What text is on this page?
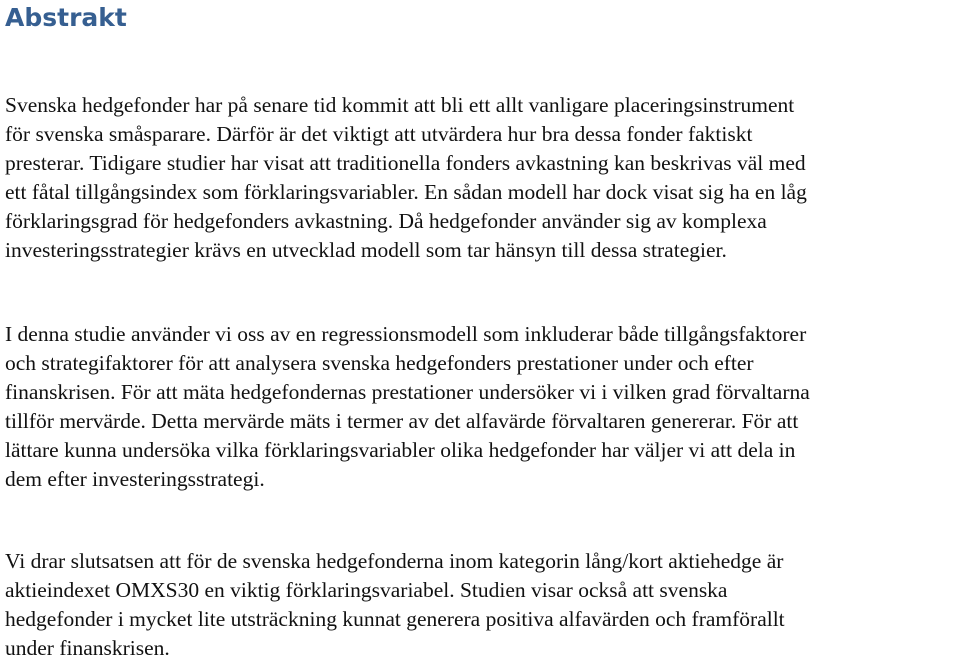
Abstrakt

Svenska hedgefonder har på senare tid kommit att bli ett allt vanligare placeringsinstrument
för svenska småsparare. Därför är det viktigt att utvärdera hur bra dessa fonder faktiskt
presterar. Tidigare studier har visat att traditionella fonders avkastning kan beskrivas väl med
ett fåtal tillgångsindex som förklaringsvariabler. En sådan modell har dock visat sig ha en låg
förklaringsgrad för hedgefonders avkastning. Då hedgefonder använder sig av komplexa
investeringsstrategier krävs en utvecklad modell som tar hänsyn till dessa strategier.

I denna studie använder vi oss av en regressionsmodell som inkluderar både tillgångsfaktorer
och strategifaktorer för att analysera svenska hedgefonders prestationer under och efter
finanskrisen. För att mäta hedgefondernas prestationer undersöker vi i vilken grad förvaltarna
tillför mervärde. Detta mervärde mäts i termer av det alfavärde förvaltaren genererar. För att
lättare kunna undersöka vilka förklaringsvariabler olika hedgefonder har väljer vi att dela in
dem efter investeringsstrategi.

Vi drar slutsatsen att för de svenska hedgefonderna inom kategorin lång/kort aktiehedge är
aktieindexet OMXS30 en viktig förklaringsvariabel. Studien visar också att svenska
hedgefonder i mycket lite utsträckning kunnat generera positiva alfavärden och framförallt
under finanskrisen.
